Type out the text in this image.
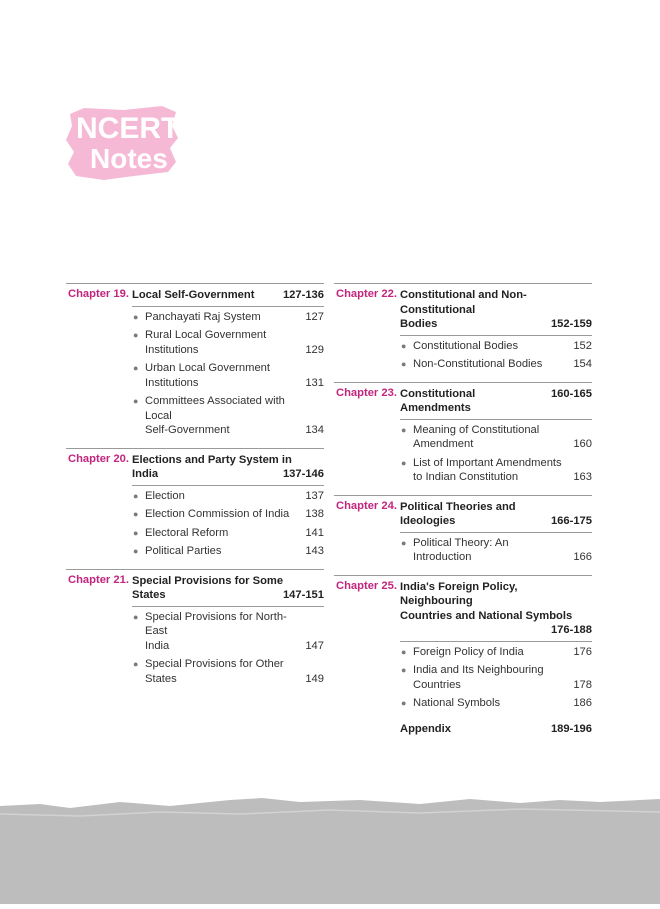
NCERT
Notes
Chapter 19. Local Self-Government	127-136
● Panchayati Raj System	127
● Rural Local Government
Institutions	129
● Urban Local Government
Institutions	131
● Committees Associated with Local
Self-Government	134
Chapter 20. Elections and Party System in
India	137-146
● Election	137
● Election Commission of India	138
● Electoral Reform	141
● Political Parties	143
Chapter 21. Special Provisions for Some
States	147-151
● Special Provisions for North-East
India	147
● Special Provisions for Other
States	149
Chapter 22. Constitutional and Non-Constitutional
Bodies	152-159
● Constitutional Bodies	152
● Non-Constitutional Bodies	154
Chapter 23. Constitutional Amendments
160-165
● Meaning of Constitutional
Amendment	160
● List of Important Amendments
to Indian Constitution	163
Chapter 24. Political Theories and
Ideologies	166-175
● Political Theory: An
Introduction	166
Chapter 25. India's Foreign Policy, Neighbouring
Countries and National Symbols
176-188
● Foreign Policy of India	176
● India and Its Neighbouring
Countries	178
● National Symbols	186
Appendix	189-196
